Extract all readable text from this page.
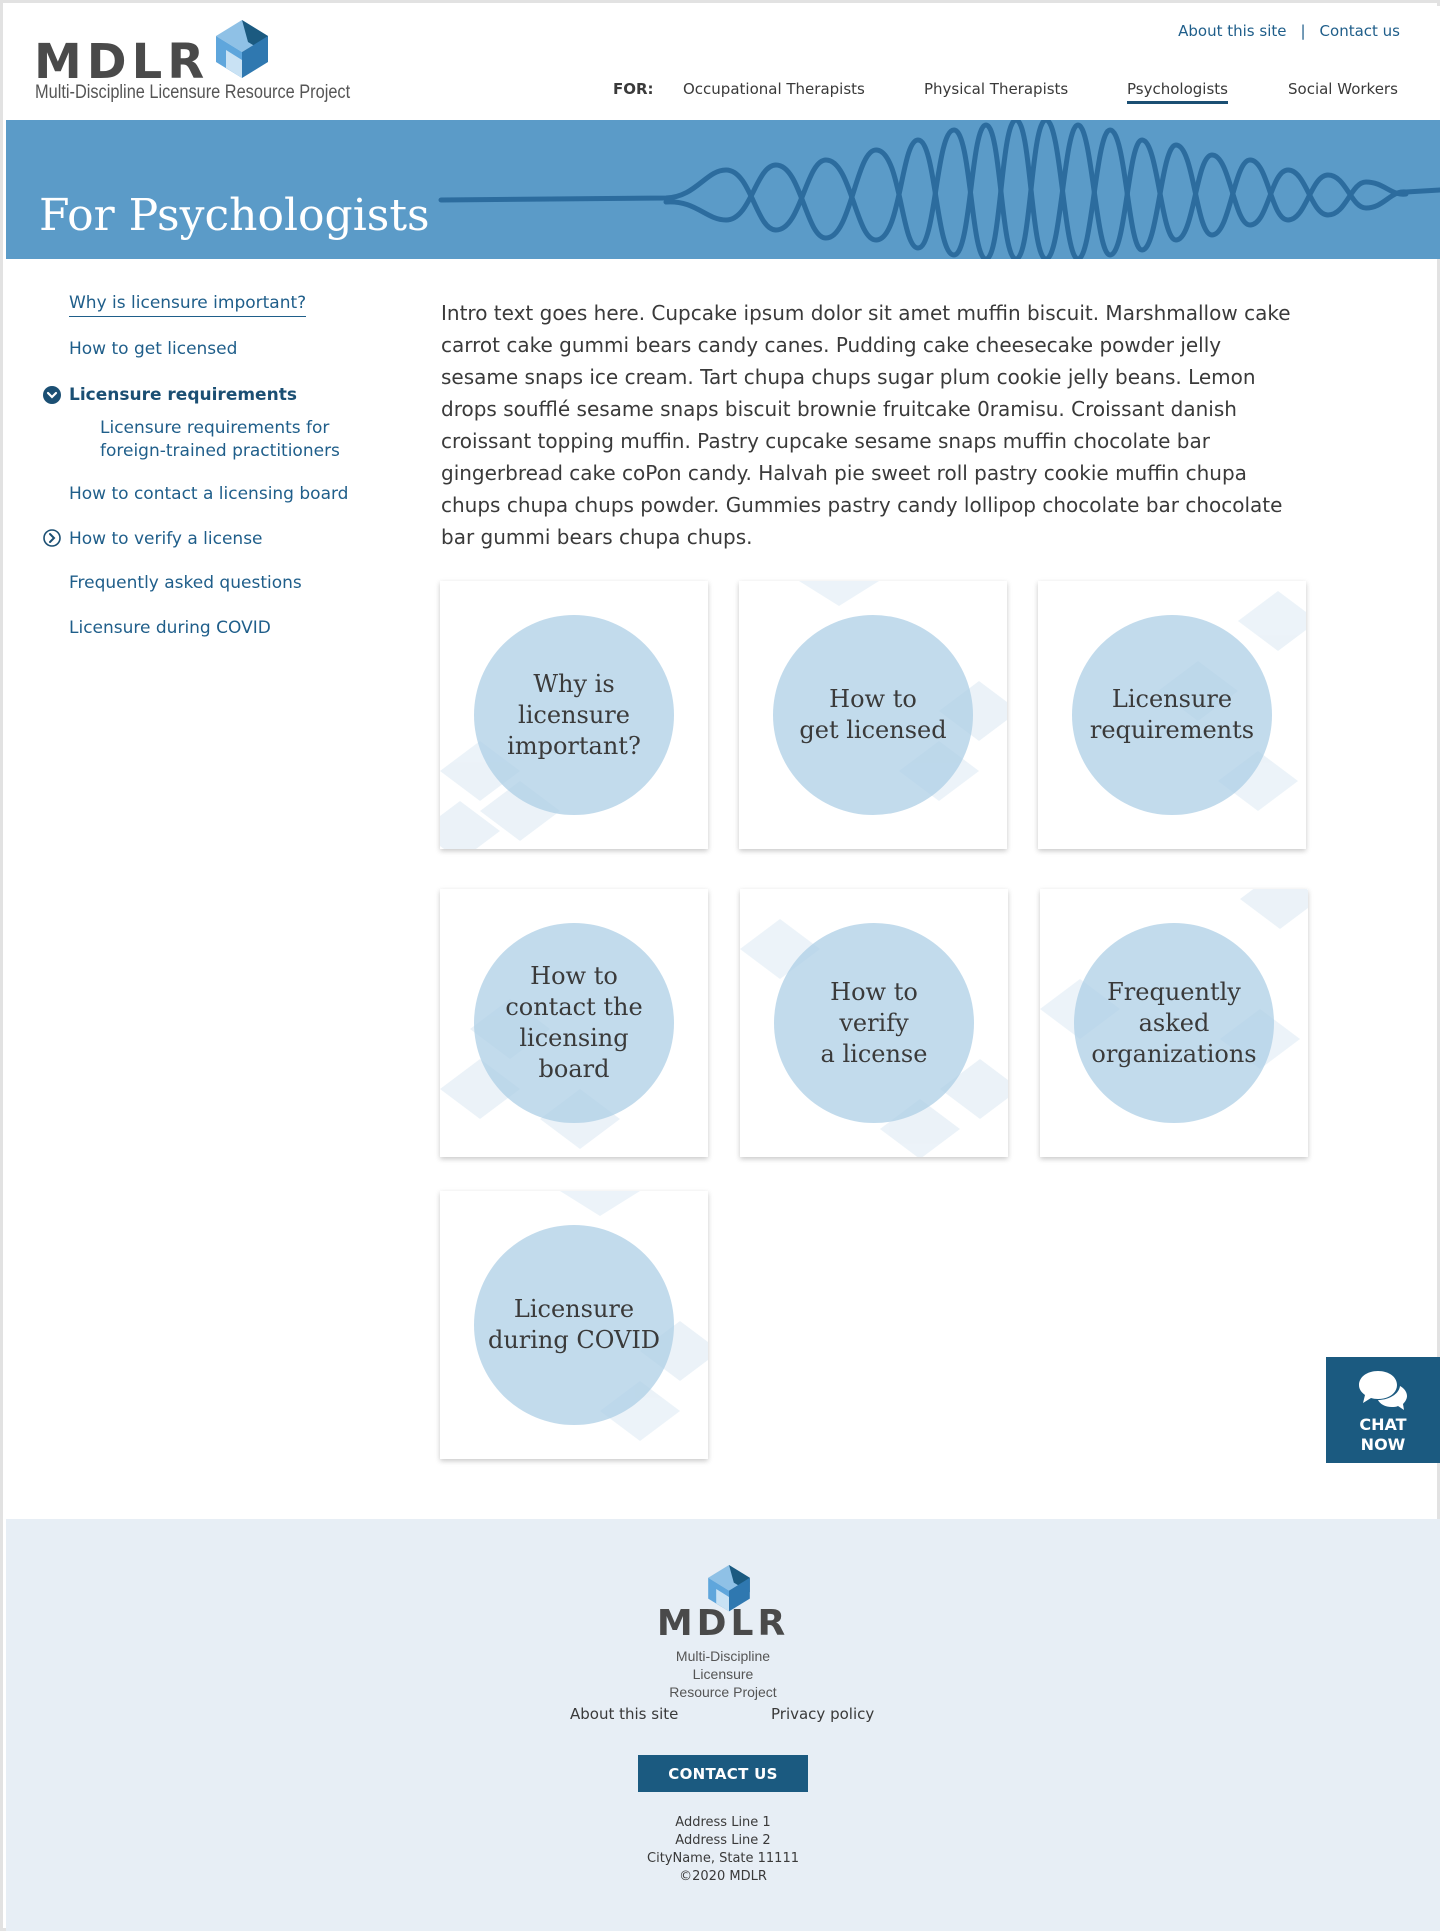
MDLR
Multi-Discipline Licensure Resource Project
About this site | Contact us
FOR: Occupational Therapists	Physical Therapists	Psychologists	Social Workers
For Psychologists
Why is licensure important?
How to get licensed
Licensure requirements
Licensure requirements for foreign-trained practitioners
How to contact a licensing board
How to verify a license
Frequently asked questions
Licensure during COVID

Intro text goes here. Cupcake ipsum dolor sit amet muffin biscuit. Marshmallow cake carrot cake gummi bears candy canes. Pudding cake cheesecake powder jelly sesame snaps ice cream. Tart chupa chups sugar plum cookie jelly beans. Lemon drops soufflé sesame snaps biscuit brownie fruitcake 0ramisu. Croissant danish croissant topping muffin. Pastry cupcake sesame snaps muffin chocolate bar gingerbread cake coPon candy. Halvah pie sweet roll pastry cookie muffin chupa chups chupa chups powder. Gummies pastry candy lollipop chocolate bar chocolate bar gummi bears chupa chups.

Why is
licensure
important?
How to
get licensed
Licensure
requirements
How to
contact the
licensing
board
How to
verify
a license
Frequently
asked
organizations
Licensure
during COVID
CHAT
NOW
MDLR
Multi-Discipline Licensure
Resource Project
About this site	Privacy policy
CONTACT US
Address Line 1
Address Line 2
CityName, State 11111
©2020 MDLR
